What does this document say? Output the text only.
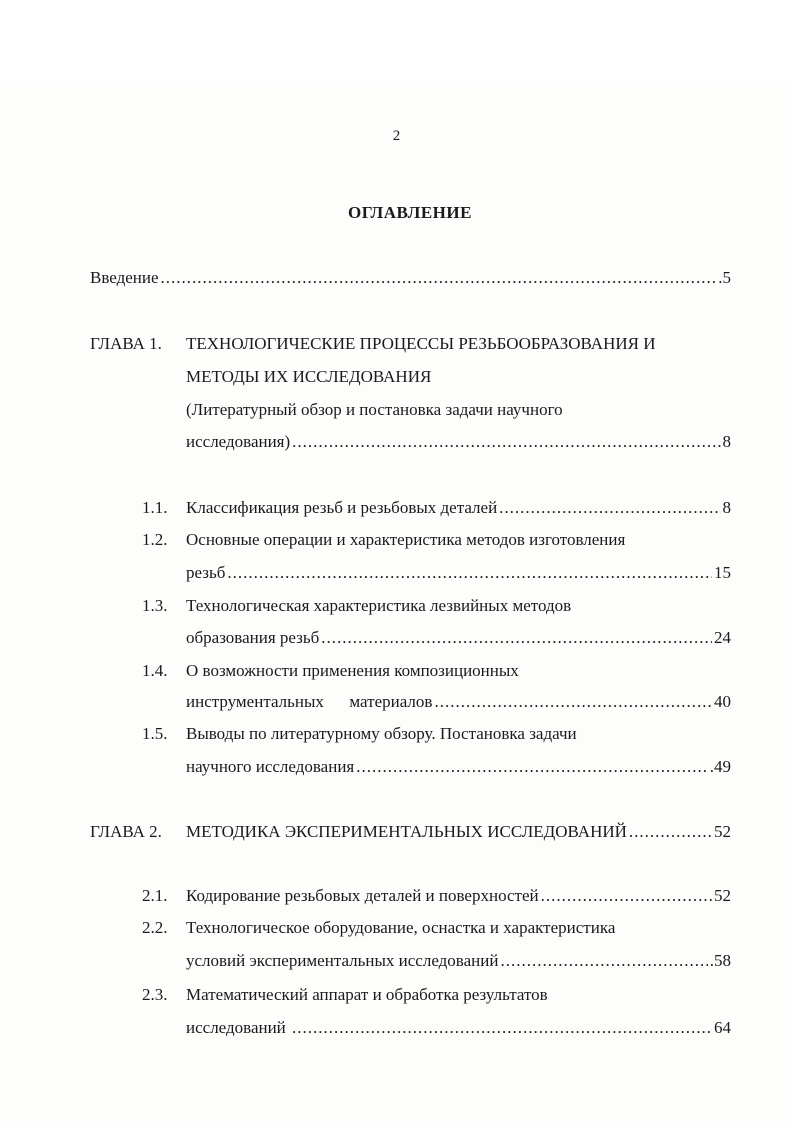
2
ОГЛАВЛЕНИЕ
Введение .....	.5
ГЛАВА 1. ТЕХНОЛОГИЧЕСКИЕ ПРОЦЕССЫ РЕЗЬБООБРАЗОВАНИЯ И
МЕТОДЫ ИХ ИССЛЕДОВАНИЯ
(Литературный обзор и постановка задачи научного
исследования) .....	8
1.1. Классификация резьб и резьбовых деталей .....	8
1.2. Основные операции и характеристика методов изготовления
резьб .....	15
1.3. Технологическая характеристика лезвийных методов
образования резьб .....	24
1.4. О возможности применения композиционных
инструментальных      материалов .....	40
1.5. Выводы по литературному обзору. Постановка задачи
научного исследования .....	.49
ГЛАВА 2. МЕТОДИКА ЭКСПЕРИМЕНТАЛЬНЫХ ИССЛЕДОВАНИЙ .....	52
2.1. Кодирование резьбовых деталей и поверхностей .....	52
2.2. Технологическое оборудование, оснастка и характеристика
условий экспериментальных исследований .....	.58
2.3. Математический аппарат и обработка результатов
исследований .....	64
